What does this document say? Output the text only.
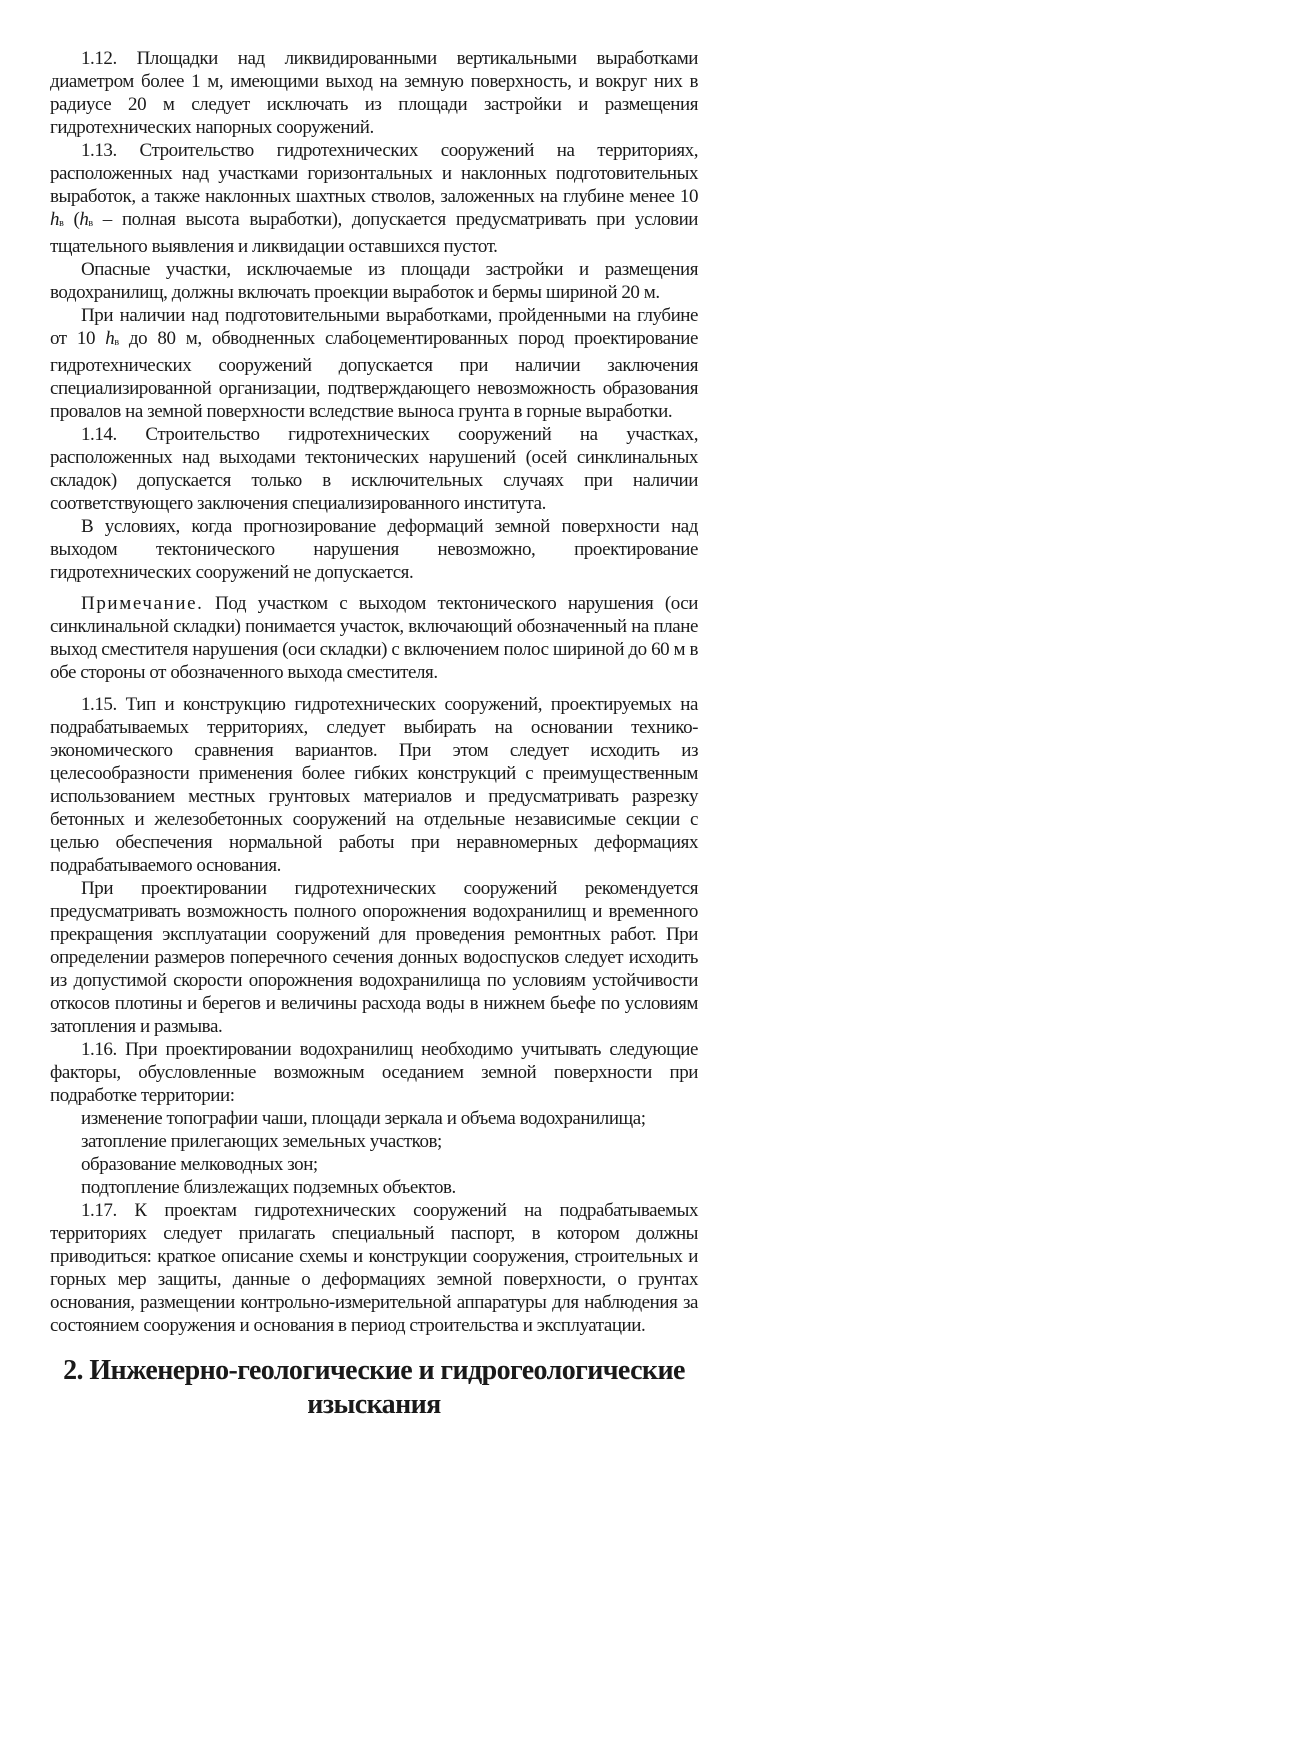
1.12. Площадки над ликвидированными вертикальными выработками диаметром более 1 м, имеющими выход на земную поверхность, и вокруг них в радиусе 20 м следует исключать из площади застройки и размещения гидротехнических напорных сооружений.

1.13. Строительство гидротехнических сооружений на территориях, расположенных над участками горизонтальных и наклонных подготовительных выработок, а также наклонных шахтных стволов, заложенных на глубине менее 10 hв (hв – полная высота выработки), допускается предусматривать при условии тщательного выявления и ликвидации оставшихся пустот.

Опасные участки, исключаемые из площади застройки и размещения водохранилищ, должны включать проекции выработок и бермы шириной 20 м.

При наличии над подготовительными выработками, пройденными на глубине от 10 hв до 80 м, обводненных слабоцементированных пород проектирование гидротехнических сооружений допускается при наличии заключения специализированной организации, подтверждающего невозможность образования провалов на земной поверхности вследствие выноса грунта в горные выработки.

1.14. Строительство гидротехнических сооружений на участках, расположенных над выходами тектонических нарушений (осей синклинальных складок) допускается только в исключительных случаях при наличии соответствующего заключения специализированного института.

В условиях, когда прогнозирование деформаций земной поверхности над выходом тектонического нарушения невозможно, проектирование гидротехнических сооружений не допускается.

Примечание. Под участком с выходом тектонического нарушения (оси синклинальной складки) понимается участок, включающий обозначенный на плане выход сместителя нарушения (оси складки) с включением полос шириной до 60 м в обе стороны от обозначенного выхода сместителя.

1.15. Тип и конструкцию гидротехнических сооружений, проектируемых на подрабатываемых территориях, следует выбирать на основании технико-экономического сравнения вариантов. При этом следует исходить из целесообразности применения более гибких конструкций с преимущественным использованием местных грунтовых материалов и предусматривать разрезку бетонных и железобетонных сооружений на отдельные независимые секции с целью обеспечения нормальной работы при неравномерных деформациях подрабатываемого основания.

При проектировании гидротехнических сооружений рекомендуется предусматривать возможность полного опорожнения водохранилищ и временного прекращения эксплуатации сооружений для проведения ремонтных работ. При определении размеров поперечного сечения донных водоспусков следует исходить из допустимой скорости опорожнения водохранилища по условиям устойчивости откосов плотины и берегов и величины расхода воды в нижнем бьефе по условиям затопления и размыва.

1.16. При проектировании водохранилищ необходимо учитывать следующие факторы, обусловленные возможным оседанием земной поверхности при подработке территории:

изменение топографии чаши, площади зеркала и объема водохранилища;

затопление прилегающих земельных участков;

образование мелководных зон;

подтопление близлежащих подземных объектов.

1.17. К проектам гидротехнических сооружений на подрабатываемых территориях следует прилагать специальный паспорт, в котором должны приводиться: краткое описание схемы и конструкции сооружения, строительных и горных мер защиты, данные о деформациях земной поверхности, о грунтах основания, размещении контрольно-измерительной аппаратуры для наблюдения за состоянием сооружения и основания в период строительства и эксплуатации.

2. Инженерно-геологические и гидрогеологические изыскания
